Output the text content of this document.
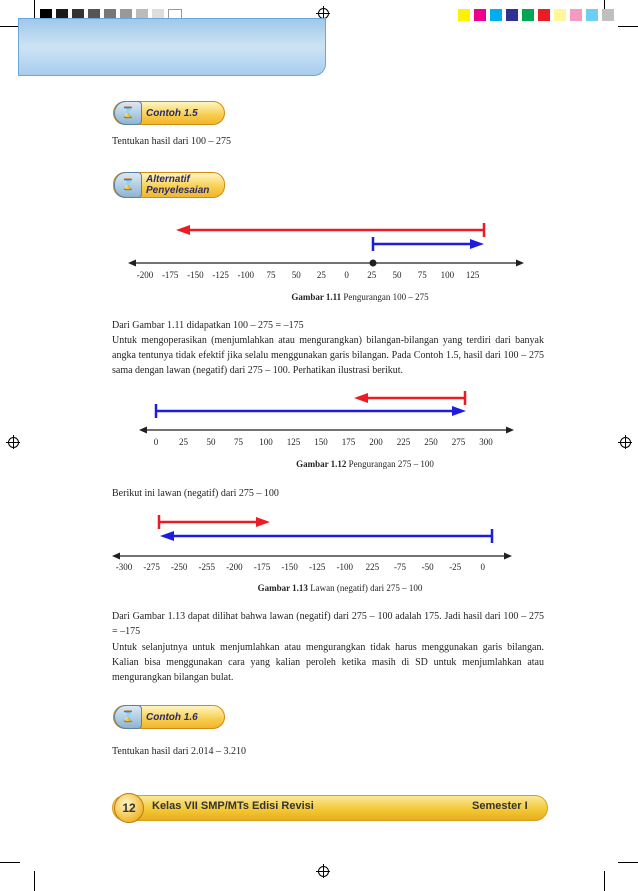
⌛	Contoh 1.5
Tentukan hasil dari 100 – 275
⌛	Alternatif
Penyelesaian
-200 -175 -150 -125 -100 75 50 25 0 25 50 75 100 125
Gambar 1.11 Pengurangan 100 – 275
Dari Gambar 1.11 didapatkan 100 – 275 = –175
Untuk mengoperasikan (menjumlahkan atau mengurangkan) bilangan-bilangan yang terdiri dari banyak angka tentunya tidak efektif jika selalu menggunakan garis bilangan. Pada Contoh 1.5, hasil dari 100 – 275 sama dengan lawan (negatif) dari 275 – 100. Perhatikan ilustrasi berikut.
0 25 50 75 100 125 150 175 200 225 250 275 300
Gambar 1.12 Pengurangan 275 – 100
Berikut ini lawan (negatif) dari 275 – 100
-300 -275 -250 -255 -200 -175 -150 -125 -100 225 -75 -50 -25 0
Gambar 1.13 Lawan (negatif) dari 275 – 100
Dari Gambar 1.13 dapat dilihat bahwa lawan (negatif) dari 275 – 100 adalah 175. Jadi hasil dari 100 – 275 = –175
Untuk selanjutnya untuk menjumlahkan atau mengurangkan tidak harus menggunakan garis bilangan. Kalian bisa menggunakan cara yang kalian peroleh ketika masih di SD untuk menjumlahkan atau mengurangkan bilangan bulat.
⌛	Contoh 1.6
Tentukan hasil dari 2.014 – 3.210
12	Kelas VII SMP/MTs Edisi Revisi	Semester I
